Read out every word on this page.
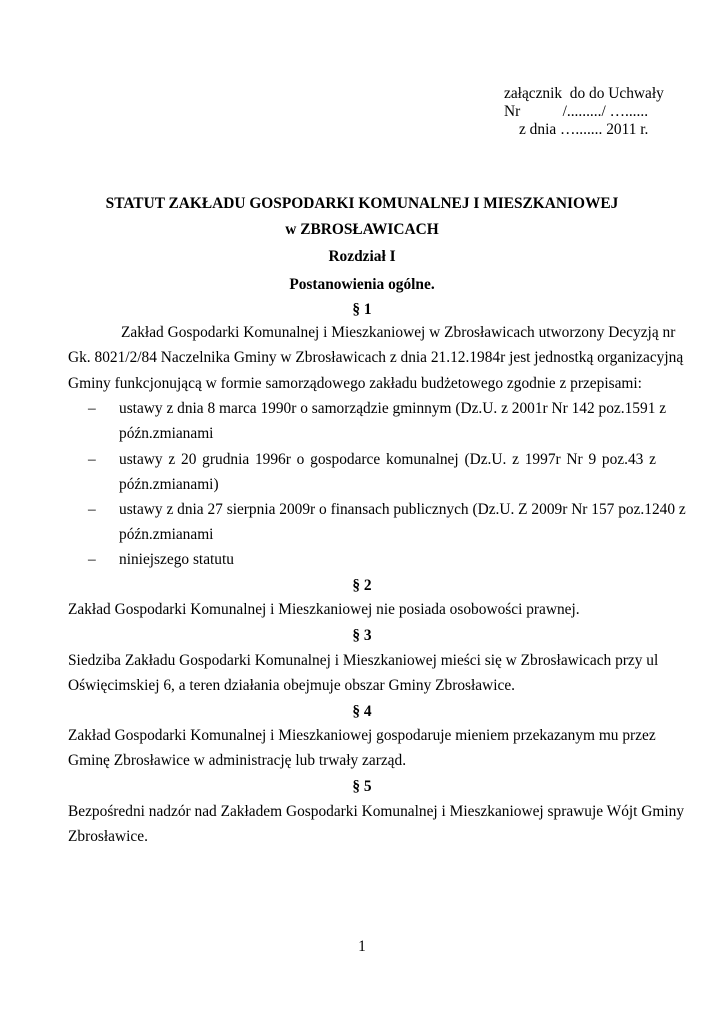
załącznik  do do Uchwały
Nr           /........./ …......
z dnia …....... 2011 r.
STATUT ZAKŁADU GOSPODARKI KOMUNALNEJ I MIESZKANIOWEJ
w ZBROSŁAWICACH
Rozdział I
Postanowienia ogólne.
§ 1
Zakład Gospodarki Komunalnej i Mieszkaniowej w Zbrosławicach utworzony Decyzją nr
Gk. 8021/2/84 Naczelnika Gminy w Zbrosławicach z dnia 21.12.1984r jest jednostką organizacyjną
Gminy funkcjonującą w formie samorządowego zakładu budżetowego zgodnie z przepisami:
– ustawy z dnia 8 marca 1990r o samorządzie gminnym (Dz.U. z 2001r Nr 142 poz.1591 z
późn.zmianami
– ustawy z 20 grudnia 1996r o gospodarce komunalnej (Dz.U. z 1997r Nr 9 poz.43 z
późn.zmianami)
– ustawy z dnia 27 sierpnia 2009r o finansach publicznych (Dz.U. Z 2009r Nr 157 poz.1240 z
późn.zmianami
– niniejszego statutu
§ 2
Zakład Gospodarki Komunalnej i Mieszkaniowej nie posiada osobowości prawnej.
§ 3
Siedziba Zakładu Gospodarki Komunalnej i Mieszkaniowej mieści się w Zbrosławicach przy ul
Oświęcimskiej 6, a teren działania obejmuje obszar Gminy Zbrosławice.
§ 4
Zakład Gospodarki Komunalnej i Mieszkaniowej gospodaruje mieniem przekazanym mu przez
Gminę Zbrosławice w administrację lub trwały zarząd.
§ 5
Bezpośredni nadzór nad Zakładem Gospodarki Komunalnej i Mieszkaniowej sprawuje Wójt Gminy
Zbrosławice.
1
